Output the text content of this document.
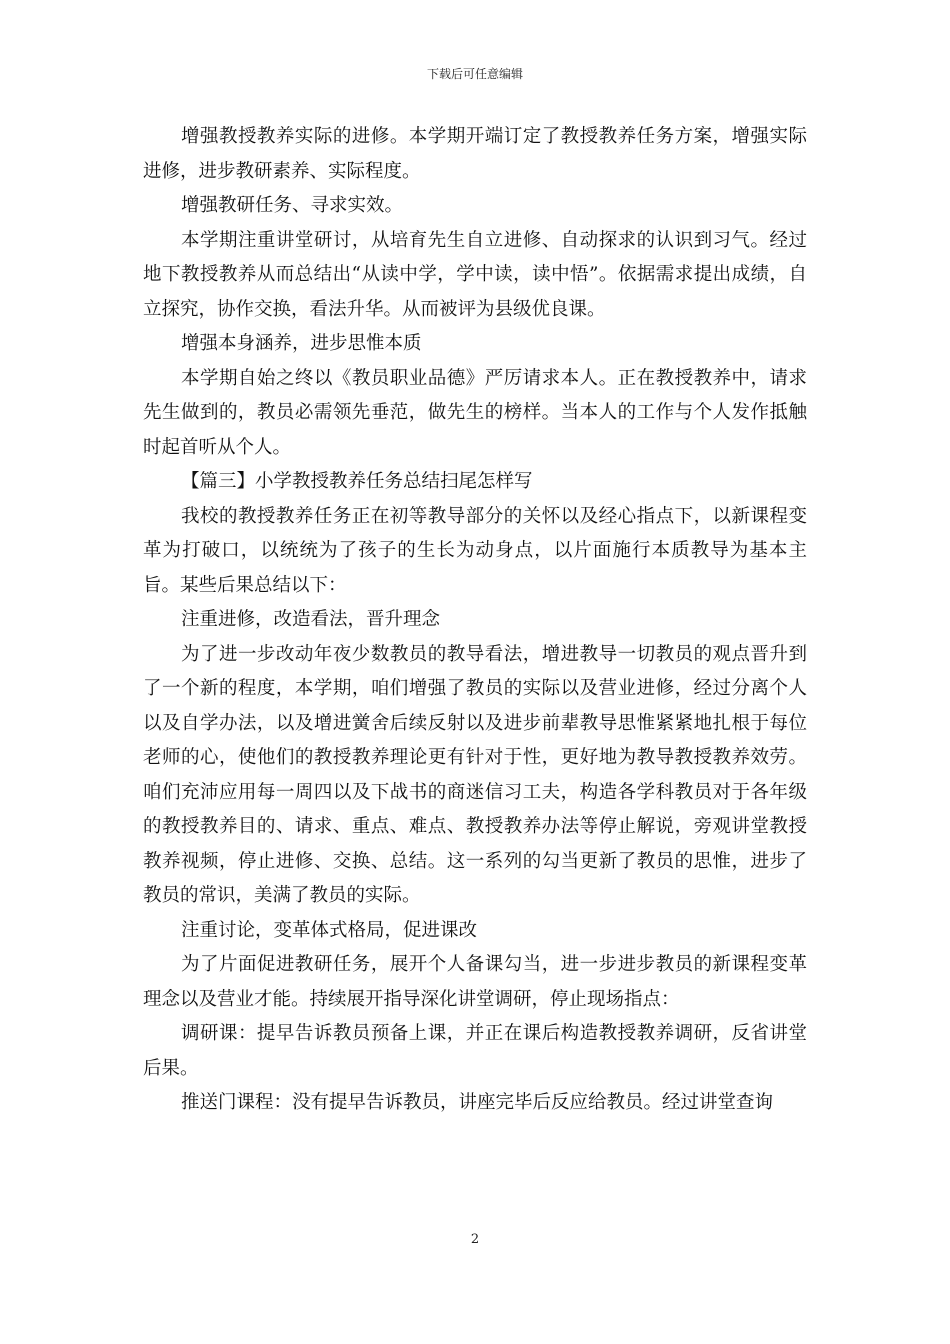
下载后可任意编辑

增强教授教养实际的进修。本学期开端订定了教授教养任务方案，增强实际进修，进步教研素养、实际程度。

增强教研任务、寻求实效。

本学期注重讲堂研讨，从培育先生自立进修、自动探求的认识到习气。经过地下教授教养从而总结出“从读中学，学中读，读中悟”。依据需求提出成绩，自立探究，协作交换，看法升华。从而被评为县级优良课。

增强本身涵养，进步思惟本质

本学期自始之终以《教员职业品德》严厉请求本人。正在教授教养中，请求先生做到的，教员必需领先垂范，做先生的榜样。当本人的工作与个人发作抵触时起首听从个人。

【篇三】小学教授教养任务总结扫尾怎样写

我校的教授教养任务正在初等教导部分的关怀以及经心指点下，以新课程变革为打破口，以统统为了孩子的生长为动身点，以片面施行本质教导为基本主旨。某些后果总结以下：

注重进修，改造看法，晋升理念

为了进一步改动年夜少数教员的教导看法，增进教导一切教员的观点晋升到了一个新的程度，本学期，咱们增强了教员的实际以及营业进修，经过分离个人以及自学办法，以及增进黉舍后续反射以及进步前辈教导思惟紧紧地扎根于每位老师的心，使他们的教授教养理论更有针对于性，更好地为教导教授教养效劳。咱们充沛应用每一周四以及下战书的商迷信习工夫，构造各学科教员对于各年级的教授教养目的、请求、重点、难点、教授教养办法等停止解说，旁观讲堂教授教养视频，停止进修、交换、总结。这一系列的勾当更新了教员的思惟，进步了教员的常识，美满了教员的实际。

注重讨论，变革体式格局，促进课改

为了片面促进教研任务，展开个人备课勾当，进一步进步教员的新课程变革理念以及营业才能。持续展开指导深化讲堂调研，停止现场指点：

调研课：提早告诉教员预备上课，并正在课后构造教授教养调研，反省讲堂后果。

推送门课程：没有提早告诉教员，讲座完毕后反应给教员。经过讲堂查询

2
